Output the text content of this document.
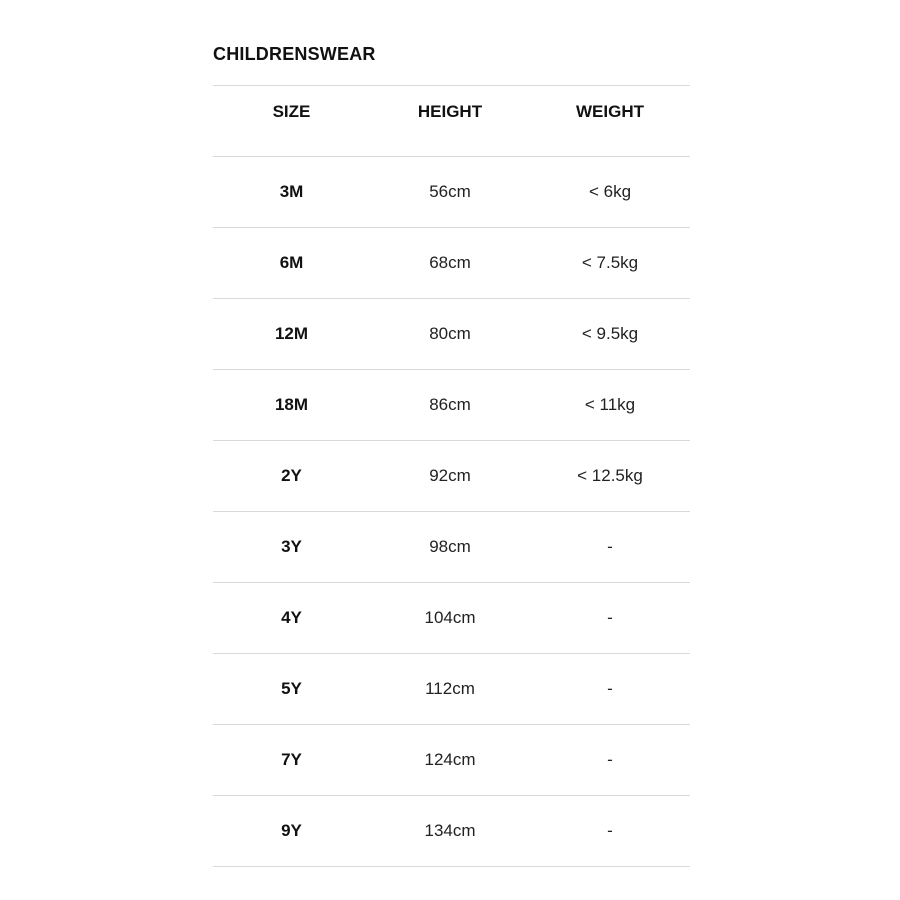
CHILDRENSWEAR
SIZE	HEIGHT	WEIGHT
3M	56cm	< 6kg
6M	68cm	< 7.5kg
12M	80cm	< 9.5kg
18M	86cm	< 11kg
2Y	92cm	< 12.5kg
3Y	98cm	-
4Y	104cm	-
5Y	112cm	-
7Y	124cm	-
9Y	134cm	-
